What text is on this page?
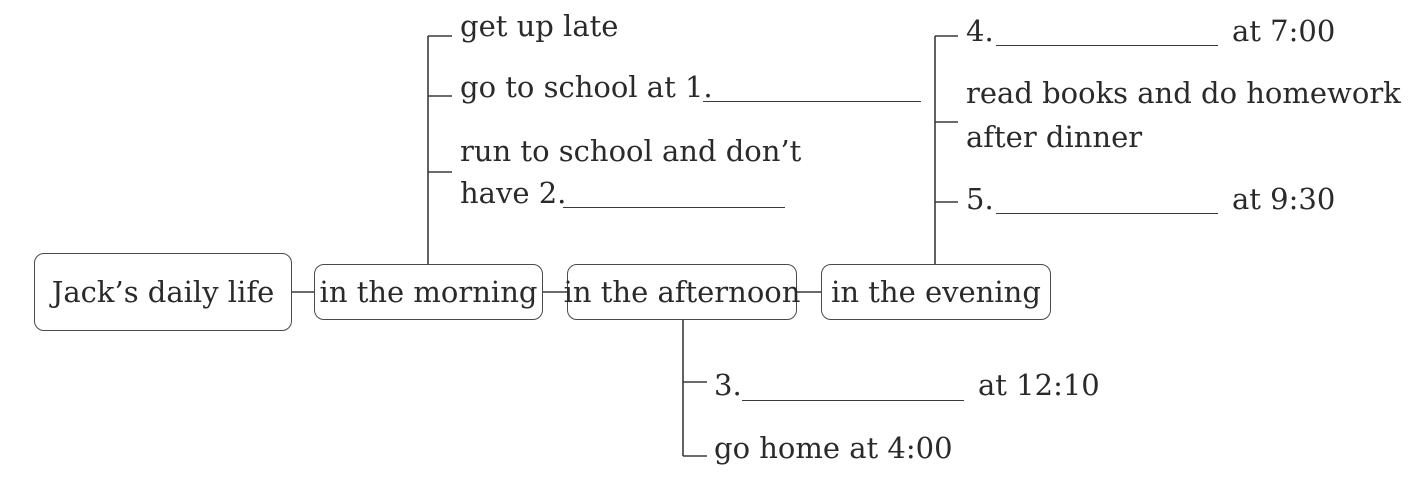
Jack’s daily life in the morning in the afternoon in the evening
get up late
go to school at 1.
run to school and don’t
have 2.
4.	at 7:00
read books and do homework
after dinner
5.	at 9:30
3.	at 12:10
go home at 4:00
